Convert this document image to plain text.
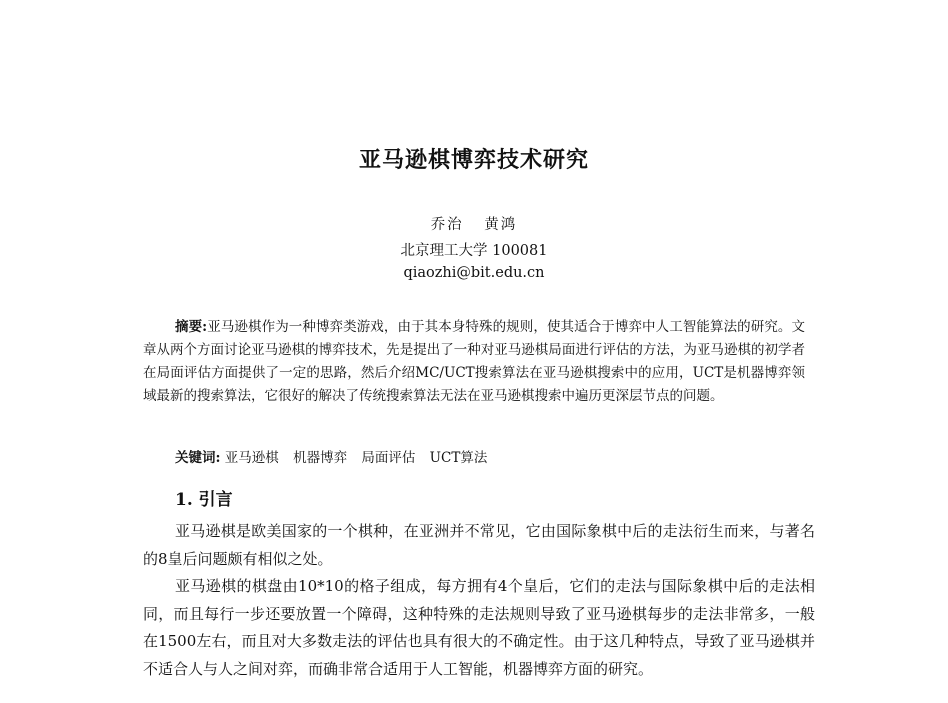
亚马逊棋博弈技术研究
乔治 黄鸿
北京理工大学 100081
qiaozhi@bit.edu.cn
摘要:亚马逊棋作为一种博弈类游戏，由于其本身特殊的规则，使其适合于博弈中人工智能算法的研究。文章从两个方面讨论亚马逊棋的博弈技术，先是提出了一种对亚马逊棋局面进行评估的方法，为亚马逊棋的初学者在局面评估方面提供了一定的思路，然后介绍MC/UCT搜索算法在亚马逊棋搜索中的应用，UCT是机器博弈领域最新的搜索算法，它很好的解决了传统搜索算法无法在亚马逊棋搜索中遍历更深层节点的问题。
关键词: 亚马逊棋 机器博弈 局面评估 UCT算法
1. 引言

亚马逊棋是欧美国家的一个棋种，在亚洲并不常见，它由国际象棋中后的走法衍生而来，与著名的8皇后问题颇有相似之处。

亚马逊棋的棋盘由10*10的格子组成，每方拥有4个皇后，它们的走法与国际象棋中后的走法相同，而且每行一步还要放置一个障碍，这种特殊的走法规则导致了亚马逊棋每步的走法非常多，一般在1500左右，而且对大多数走法的评估也具有很大的不确定性。由于这几种特点，导致了亚马逊棋并不适合人与人之间对弈，而确非常合适用于人工智能，机器博弈方面的研究。
